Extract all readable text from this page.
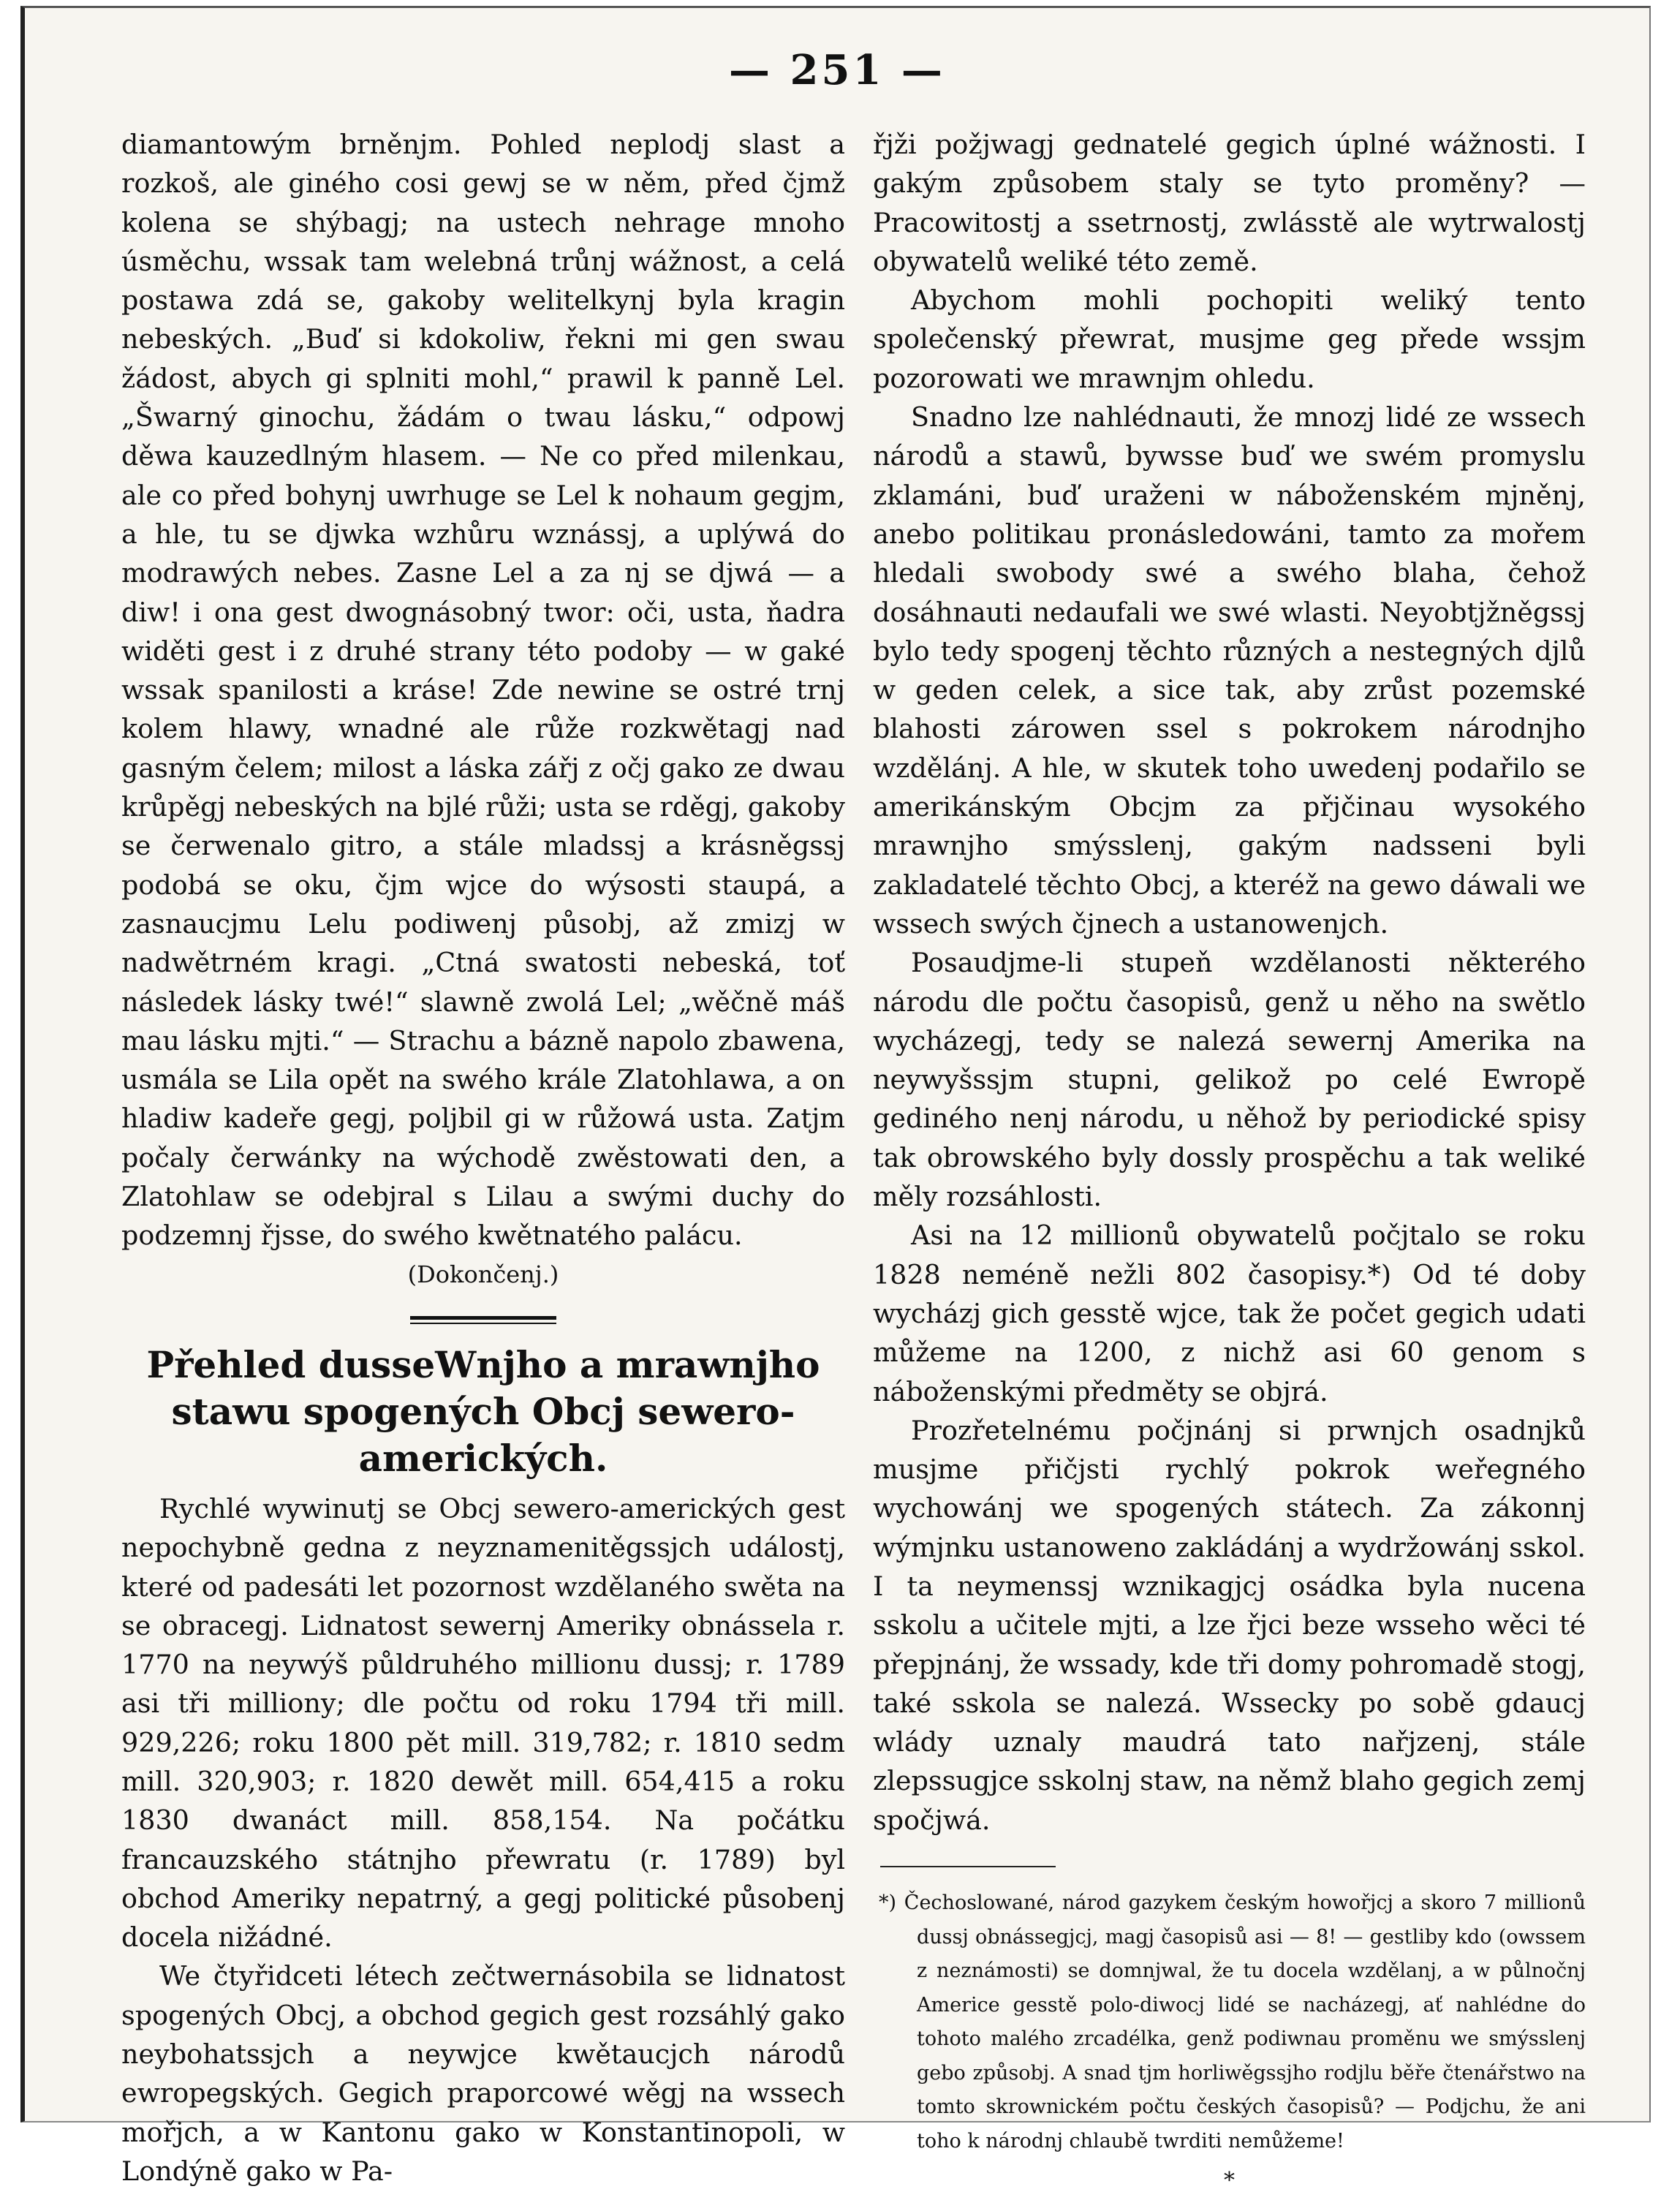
— 251 —

diamantowým brněnjm. Pohled neplodj slast a rozkoš, ale giného cosi gewj se w něm, před čjmž kolena se shýbagj; na ustech nehrage mnoho úsměchu, wssak tam welebná trůnj wážnost, a celá postawa zdá se, gakoby welitelkynj byla kragin nebeských. „Buď si kdokoliw, řekni mi gen swau žádost, abych gi splniti mohl,“ prawil k panně Lel. „Šwarný ginochu, žádám o twau lásku,“ odpowj děwa kauzedlným hlasem. — Ne co před milenkau, ale co před bohynj uwrhuge se Lel k nohaum gegjm, a hle, tu se djwka wzhůru wznássj, a uplýwá do modrawých nebes. Zasne Lel a za nj se djwá — a diw! i ona gest dwognásobný twor: oči, usta, ňadra widěti gest i z druhé strany této podoby — w gaké wssak spanilosti a kráse! Zde newine se ostré trnj kolem hlawy, wnadné ale růže rozkwětagj nad gasným čelem; milost a láska zářj z očj gako ze dwau krůpěgj nebeských na bjlé růži; usta se rděgj, gakoby se čerwenalo gitro, a stále mladssj a krásněgssj podobá se oku, čjm wjce do wýsosti staupá, a zasnaucjmu Lelu podiwenj působj, až zmizj w nadwětrném kragi. „Ctná swatosti nebeská, toť následek lásky twé!“ slawně zwolá Lel; „wěčně máš mau lásku mjti.“ — Strachu a bázně napolo zbawena, usmála se Lila opět na swého krále Zlatohlawa, a on hladiw kadeře gegj, poljbil gi w růžowá usta. Zatjm počaly čerwánky na wýchodě zwěstowati den, a Zlatohlaw se odebjral s Lilau a swými duchy do podzemnj řjsse, do swého kwětnatého palácu.

(Dokončenj.)

Přehled dusseWnjho a mrawnjho stawu spogených Obcj sewero-amerických.

Rychlé wywinutj se Obcj sewero-amerických gest nepochybně gedna z neyznamenitěgssjch událostj, které od padesáti let pozornost wzdělaného swěta na se obracegj. Lidnatost sewernj Ameriky obnássela r. 1770 na neywýš půldruhého millionu dussj; r. 1789 asi tři milliony; dle počtu od roku 1794 tři mill. 929,226; roku 1800 pět mill. 319,782; r. 1810 sedm mill. 320,903; r. 1820 dewět mill. 654,415 a roku 1830 dwanáct mill. 858,154. Na počátku francauzského státnjho přewratu (r. 1789) byl obchod Ameriky nepatrný, a gegj politické působenj docela nižádné.

We čtyřidceti létech zečtwernásobila se lidnatost spogených Obcj, a obchod gegich gest rozsáhlý gako neybohatssjch a neywjce kwětaucjch národů ewropegských. Gegich praporcowé wěgj na wssech mořjch, a w Kantonu gako w Konstantinopoli, w Londýně gako w Pa-

řjži požjwagj gednatelé gegich úplné wážnosti. I gakým způsobem staly se tyto proměny? — Pracowitostj a ssetrnostj, zwlásstě ale wytrwalostj obywatelů weliké této země.

Abychom mohli pochopiti weliký tento společenský přewrat, musjme geg přede wssjm pozorowati we mrawnjm ohledu.

Snadno lze nahlédnauti, že mnozj lidé ze wssech národů a stawů, bywsse buď we swém promyslu zklamáni, buď uraženi w náboženském mjněnj, anebo politikau pronásledowáni, tamto za mořem hledali swobody swé a swého blaha, čehož dosáhnauti nedaufali we swé wlasti. Neyobtjžněgssj bylo tedy spogenj těchto různých a nestegných djlů w geden celek, a sice tak, aby zrůst pozemské blahosti zárowen ssel s pokrokem národnjho wzdělánj. A hle, w skutek toho uwedenj podařilo se amerikánským Obcjm za přjčinau wysokého mrawnjho smýsslenj, gakým nadsseni byli zakladatelé těchto Obcj, a kteréž na gewo dáwali we wssech swých čjnech a ustanowenjch.

Posaudjme-li stupeň wzdělanosti některého národu dle počtu časopisů, genž u něho na swětlo wycházegj, tedy se nalezá sewernj Amerika na neywyšssjm stupni, gelikož po celé Ewropě gediného nenj národu, u něhož by periodické spisy tak obrowského byly dossly prospěchu a tak weliké měly rozsáhlosti.

Asi na 12 millionů obywatelů počjtalo se roku 1828 neméně nežli 802 časopisy.*) Od té doby wycházj gich gesstě wjce, tak že počet gegich udati můžeme na 1200, z nichž asi 60 genom s náboženskými předměty se objrá.

Prozřetelnému počjnánj si prwnjch osadnjků musjme přičjsti rychlý pokrok weřegného wychowánj we spogených státech. Za zákonnj wýmjnku ustanoweno zakládánj a wydržowánj sskol. I ta neymenssj wznikagjcj osádka byla nucena sskolu a učitele mjti, a lze řjci beze wsseho wěci té přepjnánj, že wssady, kde tři domy pohromadě stogj, také sskola se nalezá. Wssecky po sobě gdaucj wlády uznaly maudrá tato nařjzenj, stále zlepssugjce sskolnj staw, na němž blaho gegich zemj spočjwá.

*) Čechoslowané, národ gazykem českým howořjcj a skoro 7 millionů dussj obnássegjcj, magj časopisů asi — 8! — gestliby kdo (owssem z neznámosti) se domnjwal, že tu docela wzdělanj, a w půlnočnj Americe gesstě polo-diwocj lidé se nacházegj, ať nahlédne do tohoto malého zrcadélka, genž podiwnau proměnu we smýsslenj gebo způsobj. A snad tjm horliwěgssjho rodjlu běře čtenářstwo na tomto skrownickém počtu českých časopisů? — Podjchu, že ani toho k národnj chlaubě twrditi nemůžeme!

*
